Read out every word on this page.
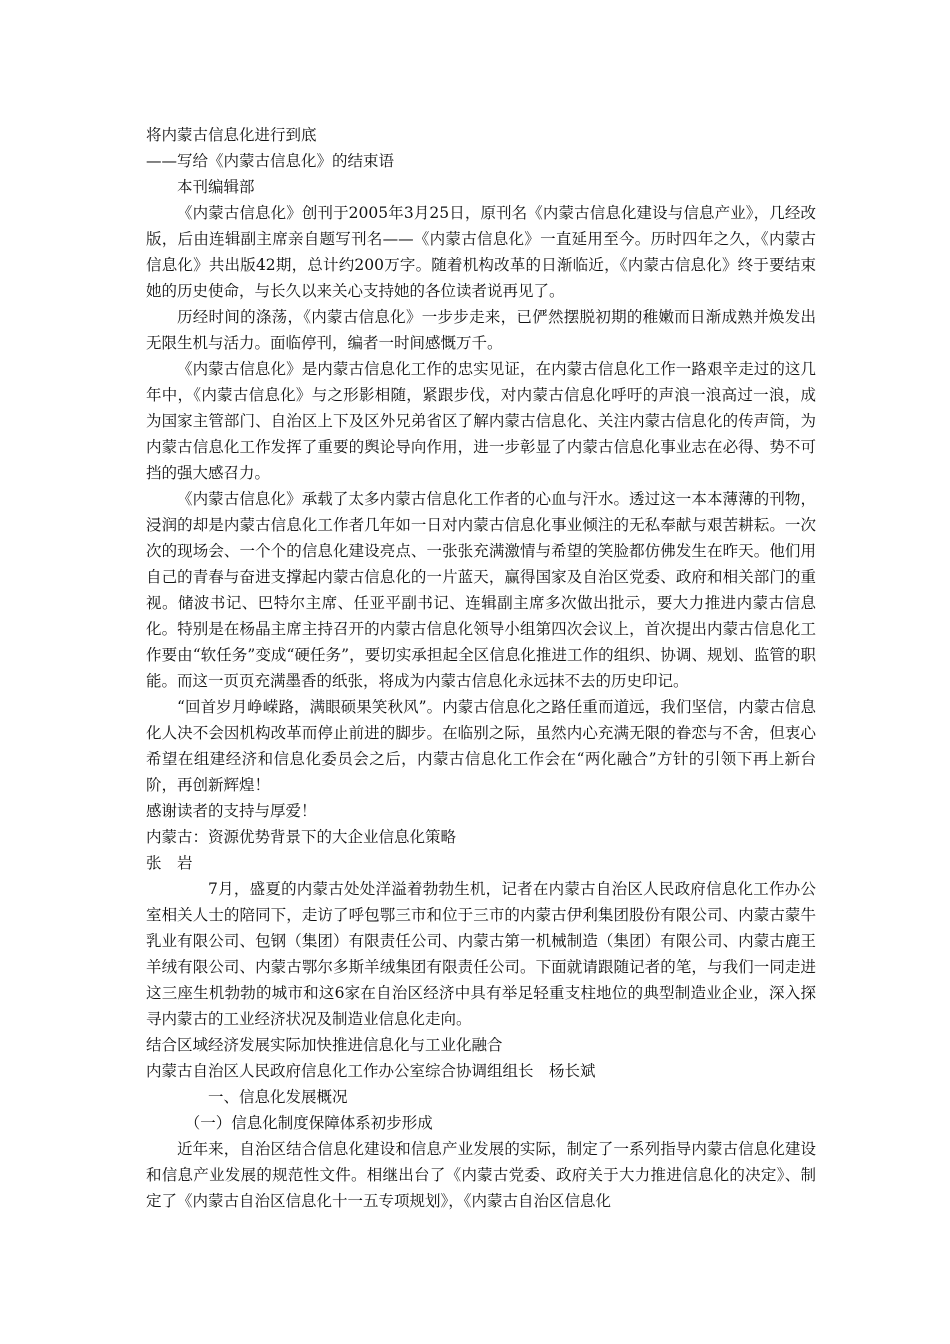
将内蒙古信息化进行到底

——写给《内蒙古信息化》的结束语

本刊编辑部

《内蒙古信息化》创刊于2005年3月25日，原刊名《内蒙古信息化建设与信息产业》，几经改版，后由连辑副主席亲自题写刊名——《内蒙古信息化》一直延用至今。历时四年之久，《内蒙古信息化》共出版42期，总计约200万字。随着机构改革的日渐临近，《内蒙古信息化》终于要结束她的历史使命，与长久以来关心支持她的各位读者说再见了。

历经时间的涤荡，《内蒙古信息化》一步步走来，已俨然摆脱初期的稚嫩而日渐成熟并焕发出无限生机与活力。面临停刊，编者一时间感慨万千。

《内蒙古信息化》是内蒙古信息化工作的忠实见证，在内蒙古信息化工作一路艰辛走过的这几年中，《内蒙古信息化》与之形影相随，紧跟步伐，对内蒙古信息化呼吁的声浪一浪高过一浪，成为国家主管部门、自治区上下及区外兄弟省区了解内蒙古信息化、关注内蒙古信息化的传声筒，为内蒙古信息化工作发挥了重要的舆论导向作用，进一步彰显了内蒙古信息化事业志在必得、势不可挡的强大感召力。

《内蒙古信息化》承载了太多内蒙古信息化工作者的心血与汗水。透过这一本本薄薄的刊物，浸润的却是内蒙古信息化工作者几年如一日对内蒙古信息化事业倾注的无私奉献与艰苦耕耘。一次次的现场会、一个个的信息化建设亮点、一张张充满激情与希望的笑脸都仿佛发生在昨天。他们用自己的青春与奋进支撑起内蒙古信息化的一片蓝天，赢得国家及自治区党委、政府和相关部门的重视。储波书记、巴特尔主席、任亚平副书记、连辑副主席多次做出批示，要大力推进内蒙古信息化。特别是在杨晶主席主持召开的内蒙古信息化领导小组第四次会议上，首次提出内蒙古信息化工作要由“软任务”变成“硬任务”，要切实承担起全区信息化推进工作的组织、协调、规划、监管的职能。而这一页页充满墨香的纸张，将成为内蒙古信息化永远抹不去的历史印记。

“回首岁月峥嵘路，满眼硕果笑秋风”。内蒙古信息化之路任重而道远，我们坚信，内蒙古信息化人决不会因机构改革而停止前进的脚步。在临别之际，虽然内心充满无限的眷恋与不舍，但衷心希望在组建经济和信息化委员会之后，内蒙古信息化工作会在“两化融合”方针的引领下再上新台阶，再创新辉煌！

感谢读者的支持与厚爱！

内蒙古：资源优势背景下的大企业信息化策略

张　岩

7月，盛夏的内蒙古处处洋溢着勃勃生机，记者在内蒙古自治区人民政府信息化工作办公室相关人士的陪同下，走访了呼包鄂三市和位于三市的内蒙古伊利集团股份有限公司、内蒙古蒙牛乳业有限公司、包钢（集团）有限责任公司、内蒙古第一机械制造（集团）有限公司、内蒙古鹿王羊绒有限公司、内蒙古鄂尔多斯羊绒集团有限责任公司。下面就请跟随记者的笔，与我们一同走进这三座生机勃勃的城市和这6家在自治区经济中具有举足轻重支柱地位的典型制造业企业，深入探寻内蒙古的工业经济状况及制造业信息化走向。

结合区域经济发展实际加快推进信息化与工业化融合

内蒙古自治区人民政府信息化工作办公室综合协调组组长　杨长斌

一、信息化发展概况

（一）信息化制度保障体系初步形成

近年来，自治区结合信息化建设和信息产业发展的实际，制定了一系列指导内蒙古信息化建设和信息产业发展的规范性文件。相继出台了《内蒙古党委、政府关于大力推进信息化的决定》、制定了《内蒙古自治区信息化十一五专项规划》，《内蒙古自治区信息化
